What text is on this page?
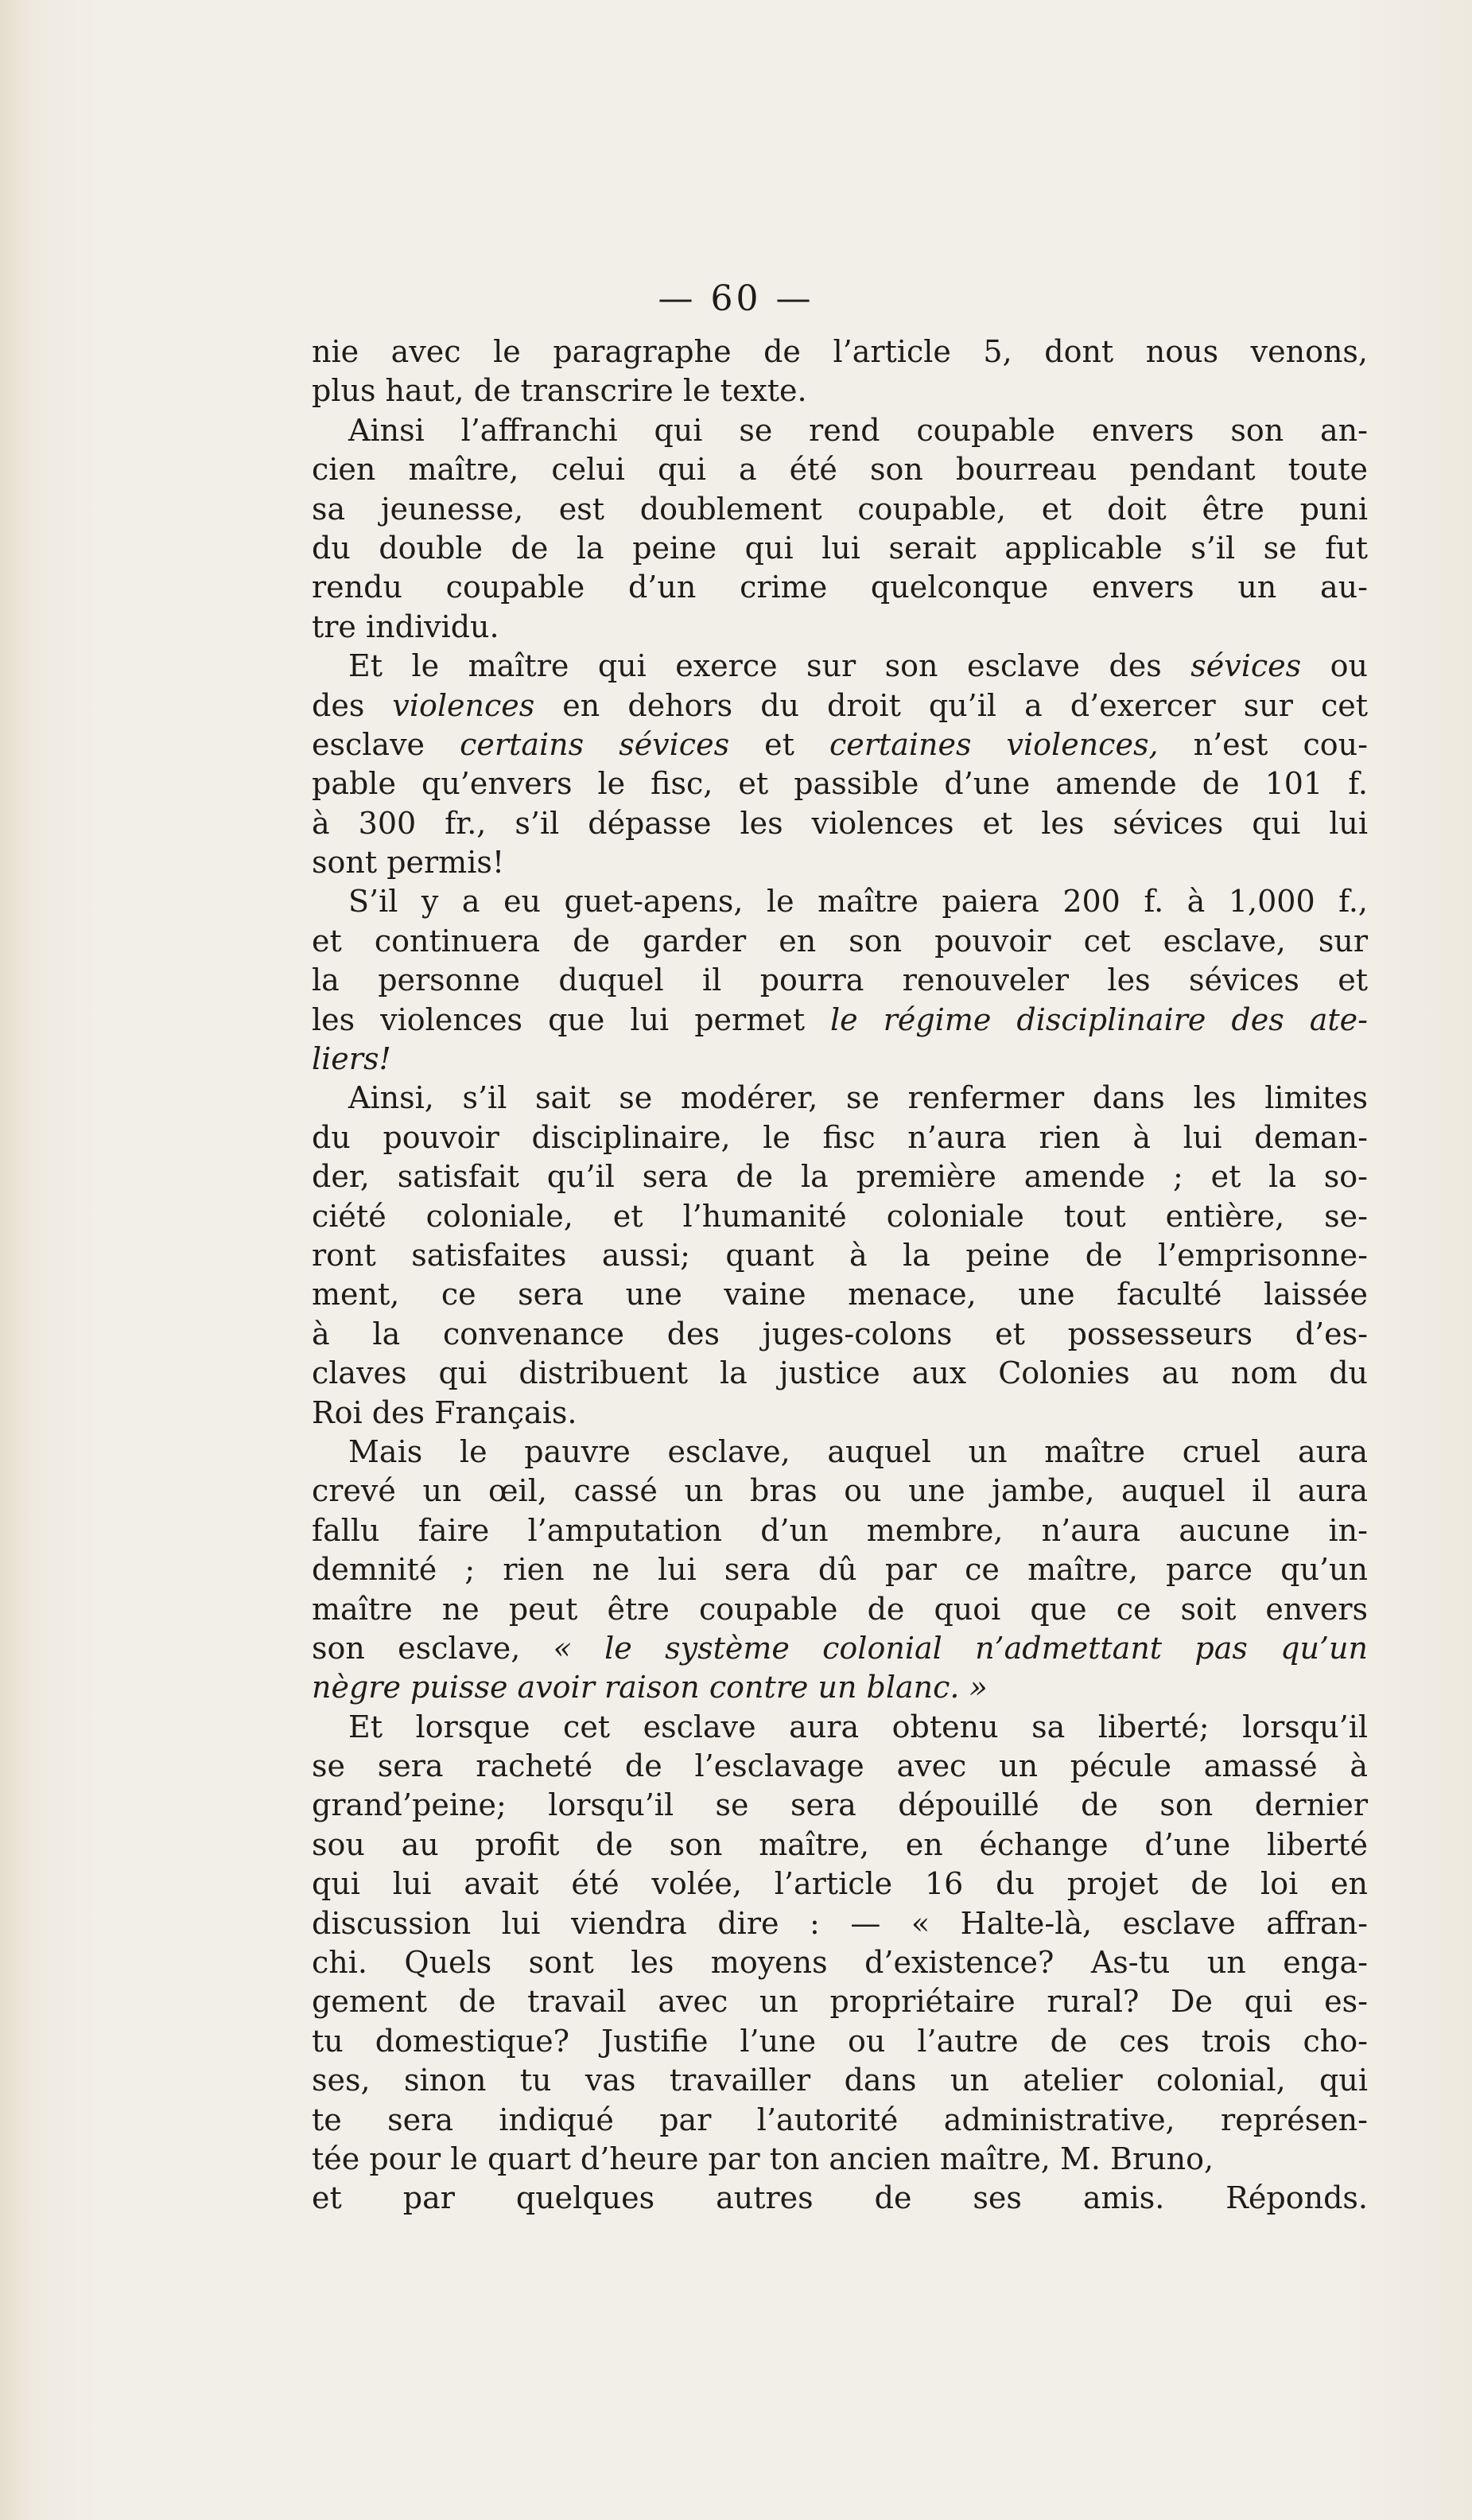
— 60 —
nie avec le paragraphe de l’article 5, dont nous venons,
plus haut, de transcrire le texte.
Ainsi l’affranchi qui se rend coupable envers son an-
cien maître, celui qui a été son bourreau pendant toute
sa jeunesse, est doublement coupable, et doit être puni
du double de la peine qui lui serait applicable s’il se fut
rendu coupable d’un crime quelconque envers un au-
tre individu.
Et le maître qui exerce sur son esclave des sévices ou
des violences en dehors du droit qu’il a d’exercer sur cet
esclave certains sévices et certaines violences, n’est cou-
pable qu’envers le fisc, et passible d’une amende de 101 f.
à 300 fr., s’il dépasse les violences et les sévices qui lui
sont permis!
S’il y a eu guet-apens, le maître paiera 200 f. à 1,000 f.,
et continuera de garder en son pouvoir cet esclave, sur
la personne duquel il pourra renouveler les sévices et
les violences que lui permet le régime disciplinaire des ate-
liers!
Ainsi, s’il sait se modérer, se renfermer dans les limites
du pouvoir disciplinaire, le fisc n’aura rien à lui deman-
der, satisfait qu’il sera de la première amende ; et la so-
ciété coloniale, et l’humanité coloniale tout entière, se-
ront satisfaites aussi; quant à la peine de l’emprisonne-
ment, ce sera une vaine menace, une faculté laissée
à la convenance des juges-colons et possesseurs d’es-
claves qui distribuent la justice aux Colonies au nom du
Roi des Français.
Mais le pauvre esclave, auquel un maître cruel aura
crevé un œil, cassé un bras ou une jambe, auquel il aura
fallu faire l’amputation d’un membre, n’aura aucune in-
demnité ; rien ne lui sera dû par ce maître, parce qu’un
maître ne peut être coupable de quoi que ce soit envers
son esclave, « le système colonial n’admettant pas qu’un
nègre puisse avoir raison contre un blanc. »
Et lorsque cet esclave aura obtenu sa liberté; lorsqu’il
se sera racheté de l’esclavage avec un pécule amassé à
grand’peine; lorsqu’il se sera dépouillé de son dernier
sou au profit de son maître, en échange d’une liberté
qui lui avait été volée, l’article 16 du projet de loi en
discussion lui viendra dire : — « Halte-là, esclave affran-
chi. Quels sont les moyens d’existence? As-tu un enga-
gement de travail avec un propriétaire rural? De qui es-
tu domestique? Justifie l’une ou l’autre de ces trois cho-
ses, sinon tu vas travailler dans un atelier colonial, qui
te sera indiqué par l’autorité administrative, représen-
tée pour le quart d’heure par ton ancien maître, M. Bruno,
et par quelques autres de ses amis. Réponds.
